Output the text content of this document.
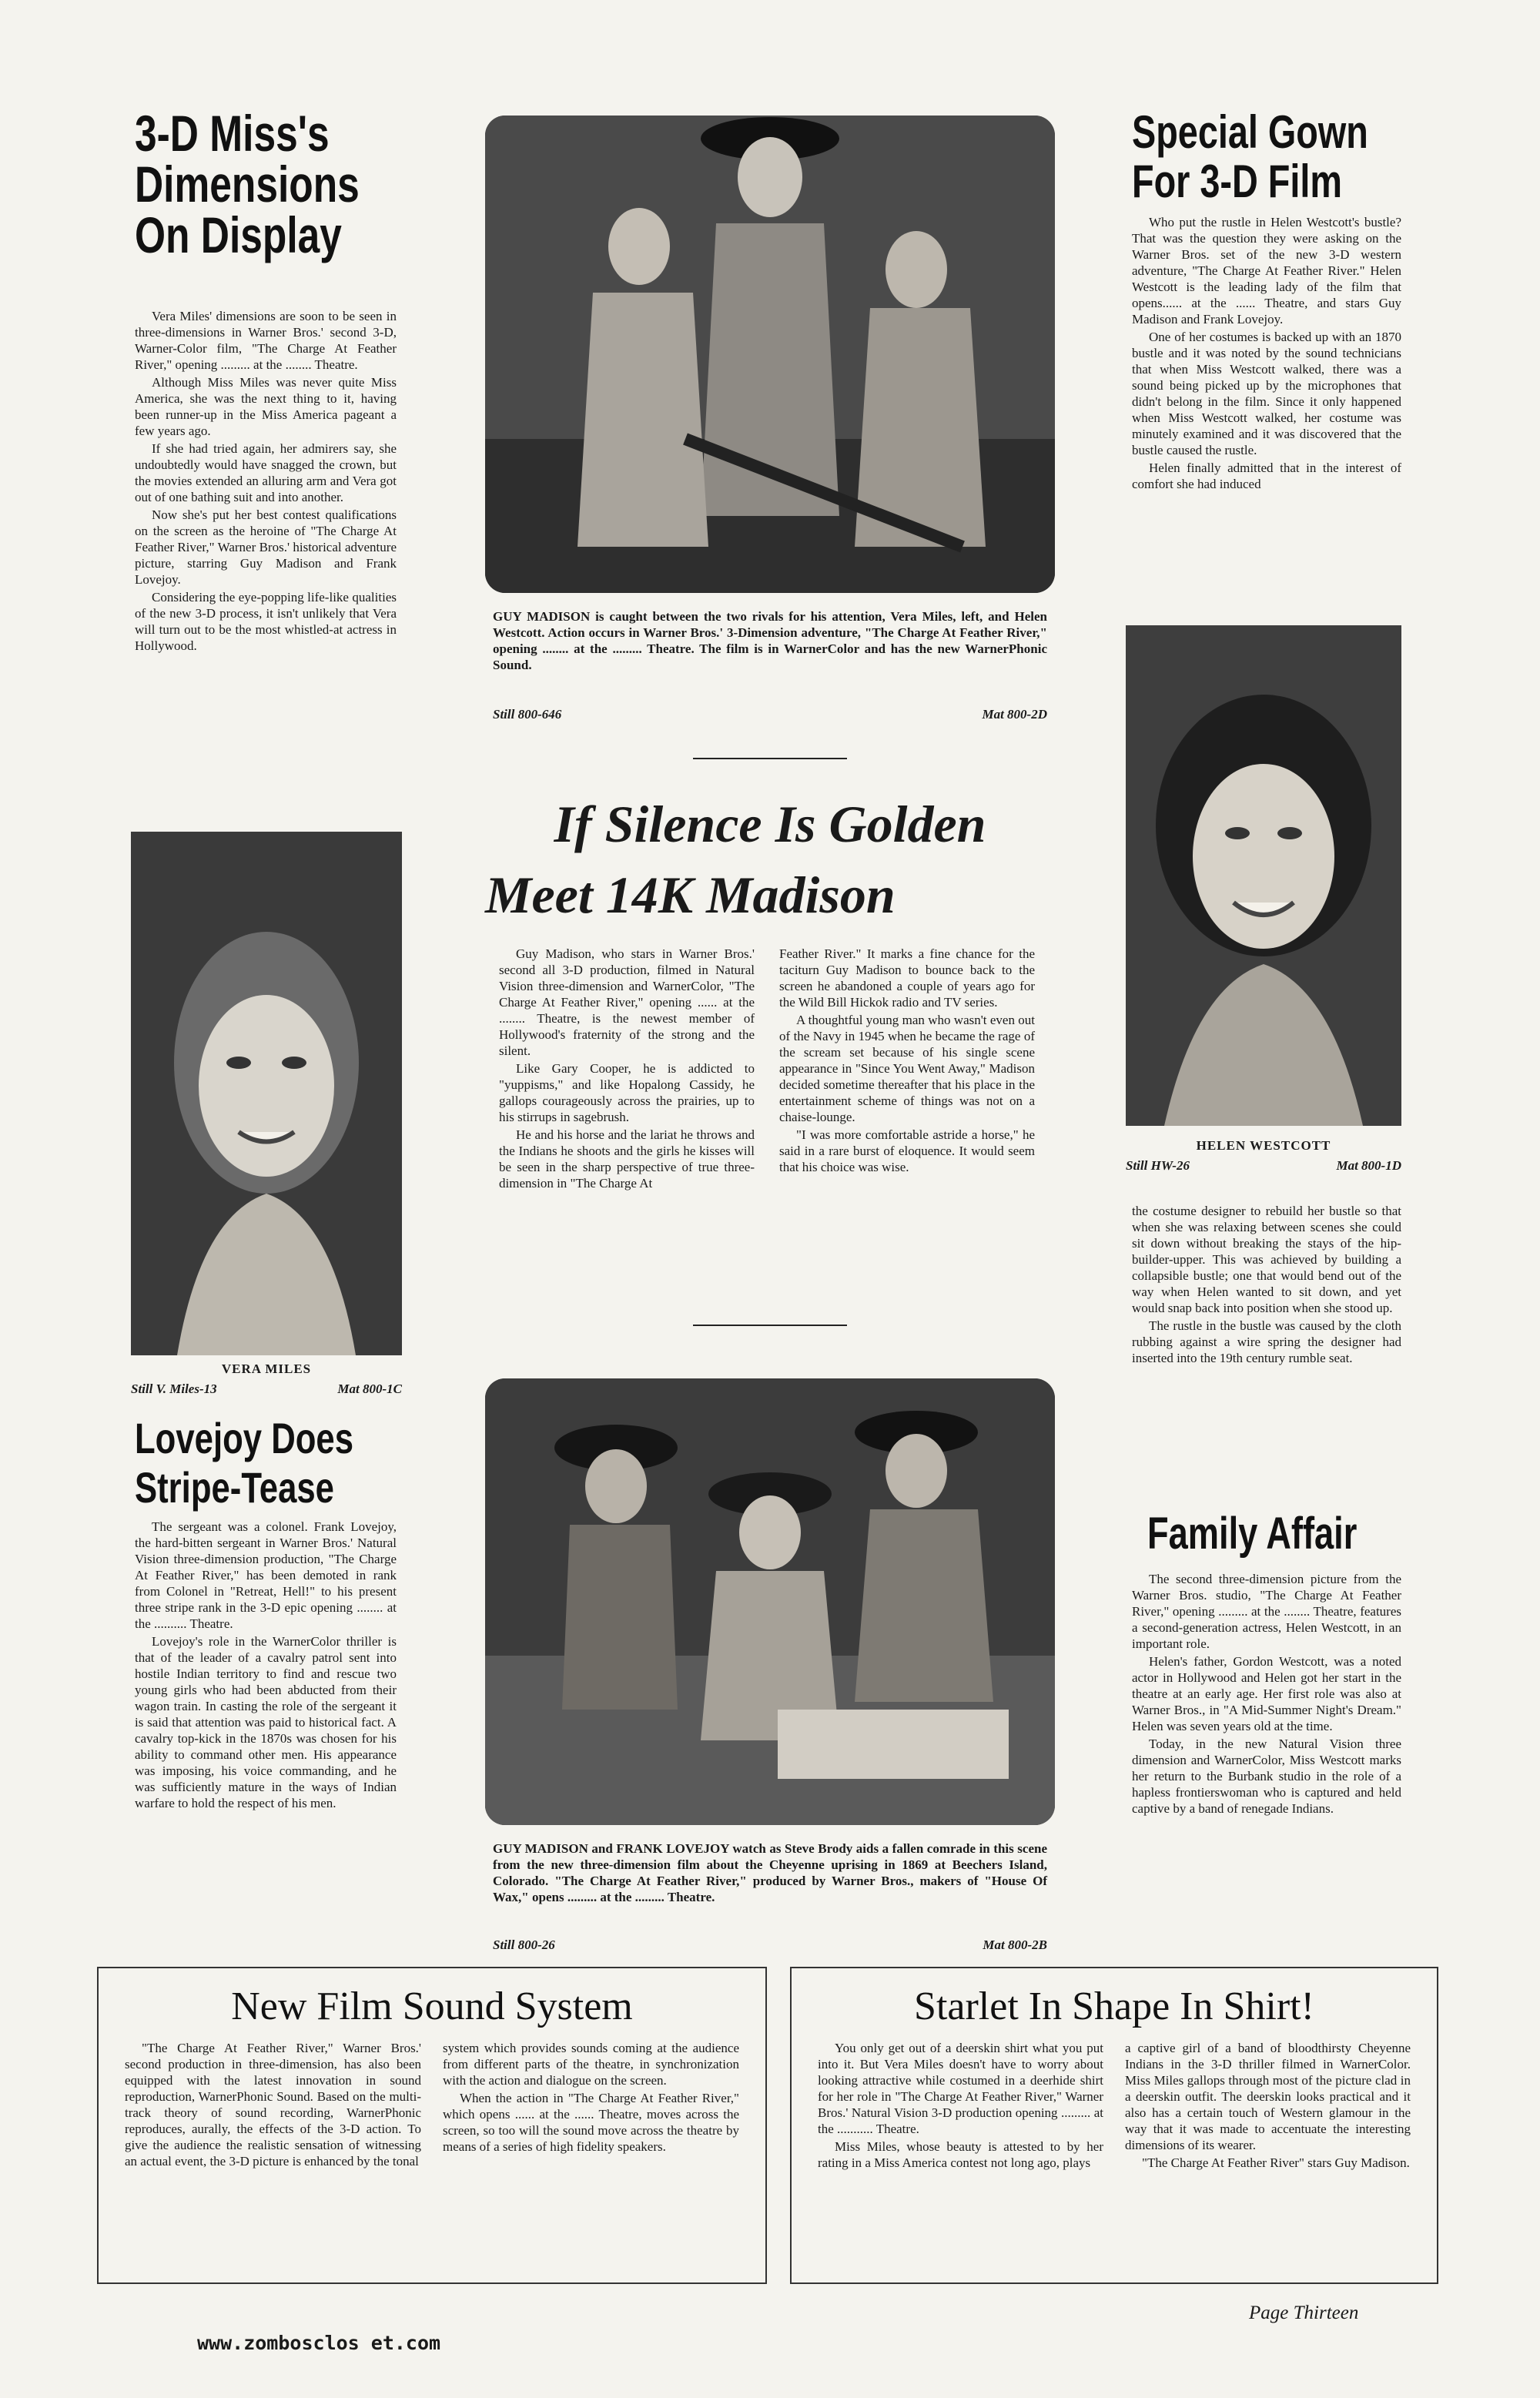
3-D Miss's
Dimensions
On Display

Vera Miles' dimensions are soon to be seen in three-dimensions in Warner Bros.' second 3-D, Warner-Color film, "The Charge At Feather River," opening ......... at the ........ Theatre.

Although Miss Miles was never quite Miss America, she was the next thing to it, having been runner-up in the Miss America pageant a few years ago.

If she had tried again, her admirers say, she undoubtedly would have snagged the crown, but the movies extended an alluring arm and Vera got out of one bathing suit and into another.

Now she's put her best contest qualifications on the screen as the heroine of "The Charge At Feather River," Warner Bros.' historical adventure picture, starring Guy Madison and Frank Lovejoy.

Considering the eye-popping life-like qualities of the new 3-D process, it isn't unlikely that Vera will turn out to be the most whistled-at actress in Hollywood.

VERA MILES
Still V. Miles-13	Mat 800-1C
Lovejoy Does
Stripe-Tease

The sergeant was a colonel. Frank Lovejoy, the hard-bitten sergeant in Warner Bros.' Natural Vision three-dimension production, "The Charge At Feather River," has been demoted in rank from Colonel in "Retreat, Hell!" to his present three stripe rank in the 3-D epic opening ........ at the .......... Theatre.

Lovejoy's role in the WarnerColor thriller is that of the leader of a cavalry patrol sent into hostile Indian territory to find and rescue two young girls who had been abducted from their wagon train. In casting the role of the sergeant it is said that attention was paid to historical fact. A cavalry top-kick in the 1870s was chosen for his ability to command other men. His appearance was imposing, his voice commanding, and he was sufficiently mature in the ways of Indian warfare to hold the respect of his men.

GUY MADISON is caught between the two rivals for his attention, Vera Miles, left, and Helen Westcott. Action occurs in Warner Bros.' 3-Dimension adventure, "The Charge At Feather River," opening ........ at the ......... Theatre. The film is in WarnerColor and has the new WarnerPhonic Sound.
Still 800-646	Mat 800-2D
If Silence Is Golden
Meet 14K Madison

Guy Madison, who stars in Warner Bros.' second all 3-D production, filmed in Natural Vision three-dimension and WarnerColor, "The Charge At Feather River," opening ...... at the ........ Theatre, is the newest member of Hollywood's fraternity of the strong and the silent.

Like Gary Cooper, he is addicted to "yuppisms," and like Hopalong Cassidy, he gallops courageously across the prairies, up to his stirrups in sagebrush.

He and his horse and the lariat he throws and the Indians he shoots and the girls he kisses will be seen in the sharp perspective of true three-dimension in "The Charge At

Feather River." It marks a fine chance for the taciturn Guy Madison to bounce back to the screen he abandoned a couple of years ago for the Wild Bill Hickok radio and TV series.

A thoughtful young man who wasn't even out of the Navy in 1945 when he became the rage of the scream set because of his single scene appearance in "Since You Went Away," Madison decided sometime thereafter that his place in the entertainment scheme of things was not on a chaise-lounge.

"I was more comfortable astride a horse," he said in a rare burst of eloquence. It would seem that his choice was wise.

GUY MADISON and FRANK LOVEJOY watch as Steve Brody aids a fallen comrade in this scene from the new three-dimension film about the Cheyenne uprising in 1869 at Beechers Island, Colorado. "The Charge At Feather River," produced by Warner Bros., makers of "House Of Wax," opens ......... at the ......... Theatre.
Still 800-26	Mat 800-2B
Special Gown
For 3-D Film

Who put the rustle in Helen Westcott's bustle? That was the question they were asking on the Warner Bros. set of the new 3-D western adventure, "The Charge At Feather River." Helen Westcott is the leading lady of the film that opens...... at the ...... Theatre, and stars Guy Madison and Frank Lovejoy.

One of her costumes is backed up with an 1870 bustle and it was noted by the sound technicians that when Miss Westcott walked, there was a sound being picked up by the microphones that didn't belong in the film. Since it only happened when Miss Westcott walked, her costume was minutely examined and it was discovered that the bustle caused the rustle.

Helen finally admitted that in the interest of comfort she had induced

HELEN WESTCOTT
Still HW-26	Mat 800-1D

the costume designer to rebuild her bustle so that when she was relaxing between scenes she could sit down without breaking the stays of the hip-builder-upper. This was achieved by building a collapsible bustle; one that would bend out of the way when Helen wanted to sit down, and yet would snap back into position when she stood up.

The rustle in the bustle was caused by the cloth rubbing against a wire spring the designer had inserted into the 19th century rumble seat.

Family Affair

The second three-dimension picture from the Warner Bros. studio, "The Charge At Feather River," opening ......... at the ........ Theatre, features a second-generation actress, Helen Westcott, in an important role.

Helen's father, Gordon Westcott, was a noted actor in Hollywood and Helen got her start in the theatre at an early age. Her first role was also at Warner Bros., in "A Mid-Summer Night's Dream." Helen was seven years old at the time.

Today, in the new Natural Vision three dimension and WarnerColor, Miss Westcott marks her return to the Burbank studio in the role of a hapless frontierswoman who is captured and held captive by a band of renegade Indians.

New Film Sound System

"The Charge At Feather River," Warner Bros.' second production in three-dimension, has also been equipped with the latest innovation in sound reproduction, WarnerPhonic Sound. Based on the multi-track theory of sound recording, WarnerPhonic reproduces, aurally, the effects of the 3-D action. To give the audience the realistic sensation of witnessing an actual event, the 3-D picture is enhanced by the tonal

system which provides sounds coming at the audience from different parts of the theatre, in synchronization with the action and dialogue on the screen.

When the action in "The Charge At Feather River," which opens ...... at the ...... Theatre, moves across the screen, so too will the sound move across the theatre by means of a series of high fidelity speakers.

Starlet In Shape In Shirt!

You only get out of a deerskin shirt what you put into it. But Vera Miles doesn't have to worry about looking attractive while costumed in a deerhide shirt for her role in "The Charge At Feather River," Warner Bros.' Natural Vision 3-D production opening ......... at the ........... Theatre.

Miss Miles, whose beauty is attested to by her rating in a Miss America contest not long ago, plays

a captive girl of a band of bloodthirsty Cheyenne Indians in the 3-D thriller filmed in WarnerColor. Miss Miles gallops through most of the picture clad in a deerskin outfit. The deerskin looks practical and it also has a certain touch of Western glamour in the way that it was made to accentuate the interesting dimensions of its wearer.

"The Charge At Feather River" stars Guy Madison.

www.zombosclos et.com
Page Thirteen
